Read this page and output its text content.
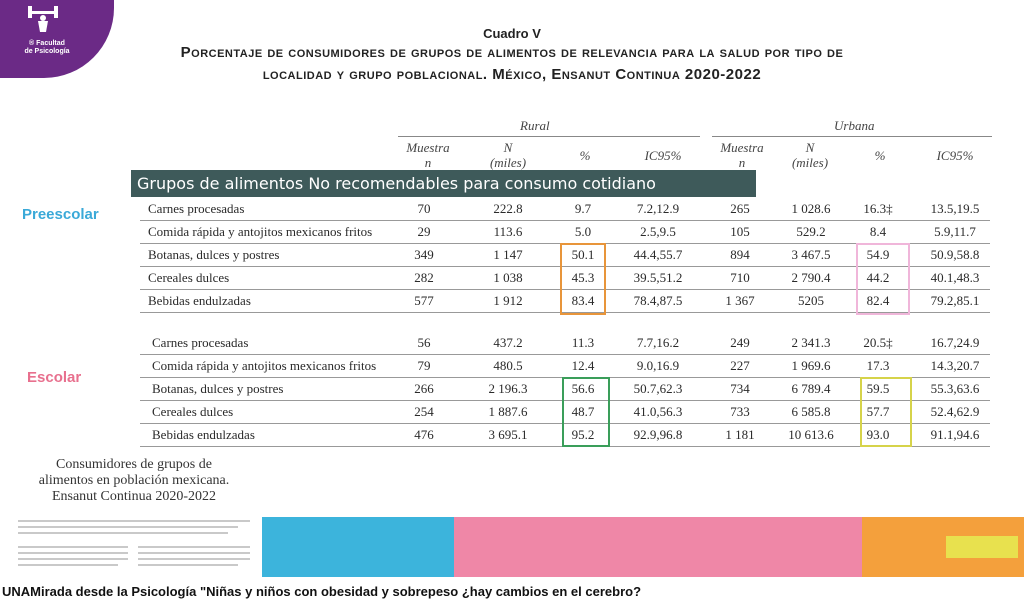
® Facultad
de Psicología
Cuadro V
Porcentaje de consumidores de grupos de alimentos de relevancia para la salud por tipo de
localidad y grupo poblacional. México, Ensanut Continua 2020-2022
Rural	Urbana
Muestra
n
N
(miles)	%	IC95%
Muestra
n
N
(miles)	%	IC95%
Grupos de alimentos No recomendables para consumo cotidiano
Preescolar
Escolar
Carnes procesadas	70	222.8	9.7	7.2,12.9	265	1 028.6	16.3‡	13.5,19.5
Comida rápida y antojitos mexicanos fritos	29	113.6	5.0	2.5,9.5	105	529.2	8.4	5.9,11.7
Botanas, dulces y postres	349	1 147	50.1	44.4,55.7	894	3 467.5	54.9	50.9,58.8
Cereales dulces	282	1 038	45.3	39.5,51.2	710	2 790.4	44.2	40.1,48.3
Bebidas endulzadas	577	1 912	83.4	78.4,87.5	1 367	5205	82.4	79.2,85.1
Carnes procesadas	56	437.2	11.3	7.7,16.2	249	2 341.3	20.5‡	16.7,24.9
Comida rápida y antojitos mexicanos fritos	79	480.5	12.4	9.0,16.9	227	1 969.6	17.3	14.3,20.7
Botanas, dulces y postres	266	2 196.3	56.6	50.7,62.3	734	6 789.4	59.5	55.3,63.6
Cereales dulces	254	1 887.6	48.7	41.0,56.3	733	6 585.8	57.7	52.4,62.9
Bebidas endulzadas	476	3 695.1	95.2	92.9,96.8	1 181	10 613.6	93.0	91.1,94.6
Consumidores de grupos de
alimentos en población mexicana.
Ensanut Continua 2020-2022
UNAMirada desde la Psicología "Niñas y niños con obesidad y sobrepeso ¿hay cambios en el cerebro?
